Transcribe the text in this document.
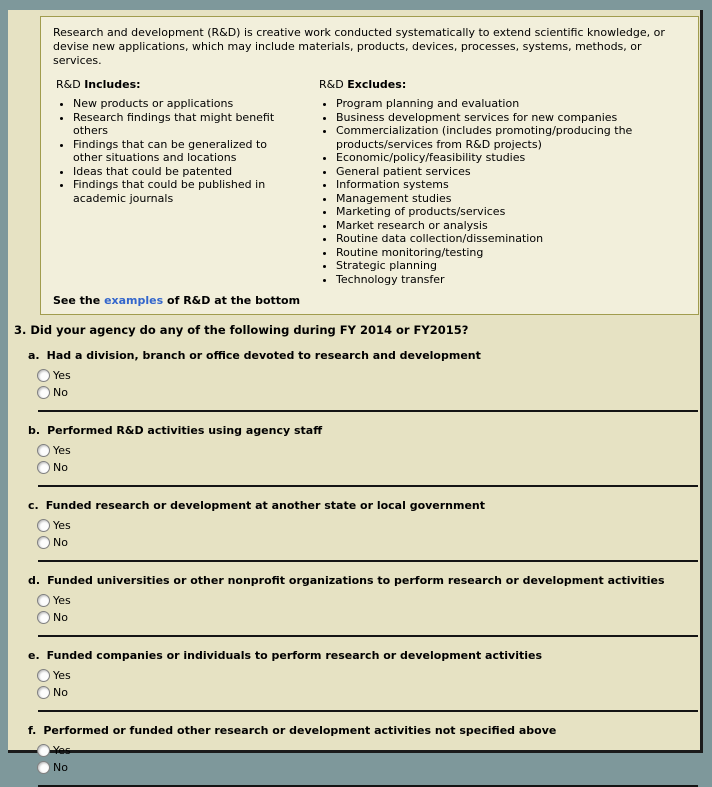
Research and development (R&D) is creative work conducted systematically to extend scientific knowledge, or devise new applications, which may include materials, products, devices, processes, systems, methods, or services.

R&D Includes:
• New products or applications
• Research findings that might benefit others
• Findings that can be generalized to other situations and locations
• Ideas that could be patented
• Findings that could be published in academic journals
R&D Excludes:
• Program planning and evaluation
• Business development services for new companies
• Commercialization (includes promoting/producing the products/services from R&D projects)
• Economic/policy/feasibility studies
• General patient services
• Information systems
• Management studies
• Marketing of products/services
• Market research or analysis
• Routine data collection/dissemination
• Routine monitoring/testing
• Strategic planning
• Technology transfer
See the examples of R&D at the bottom
3. Did your agency do any of the following during FY 2014 or FY2015?
a. Had a division, branch or office devoted to research and development
Yes
No
b. Performed R&D activities using agency staff
Yes
No
c. Funded research or development at another state or local government
Yes
No
d. Funded universities or other nonprofit organizations to perform research or development activities
Yes
No
e. Funded companies or individuals to perform research or development activities
Yes
No
f. Performed or funded other research or development activities not specified above
Yes
No
